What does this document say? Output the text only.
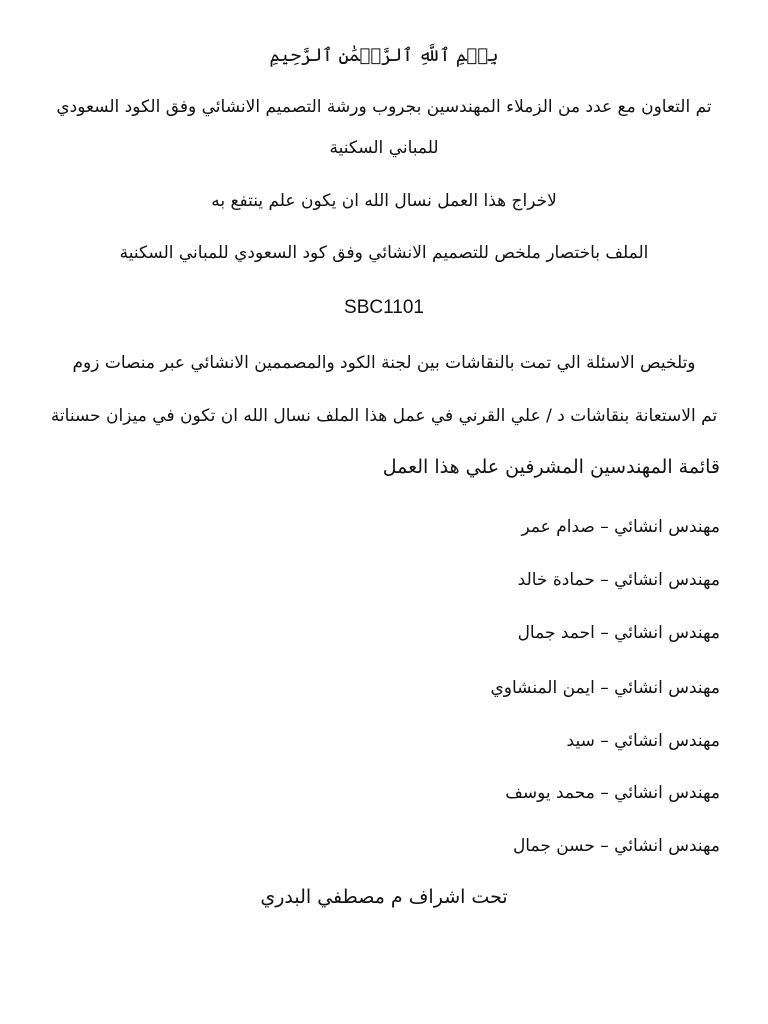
بِسۡمِ ٱللَّهِ ٱلرَّحۡمَٰنِ ٱلرَّحِيمِ
تم التعاون مع عدد من الزملاء المهندسين بجروب ورشة التصميم الانشائي وفق الكود السعودي
للمباني السكنية
لاخراج هذا العمل نسال الله ان يكون علم ينتفع به
الملف باختصار ملخص للتصميم الانشائي وفق كود السعودي للمباني السكنية
SBC1101
وتلخيص الاسئلة الي تمت بالنقاشات بين لجنة الكود والمصممين الانشائي عبر منصات زوم
تم الاستعانة بنقاشات د / علي القرني في عمل هذا الملف نسال الله ان تكون في ميزان حسناتة
قائمة المهندسين المشرفين علي هذا العمل
مهندس انشائي – صدام عمر
مهندس انشائي – حمادة خالد
مهندس انشائي – احمد جمال
مهندس انشائي – ايمن المنشاوي
مهندس انشائي – سيد
مهندس انشائي – محمد يوسف
مهندس انشائي – حسن جمال
تحت اشراف م مصطفي البدري
